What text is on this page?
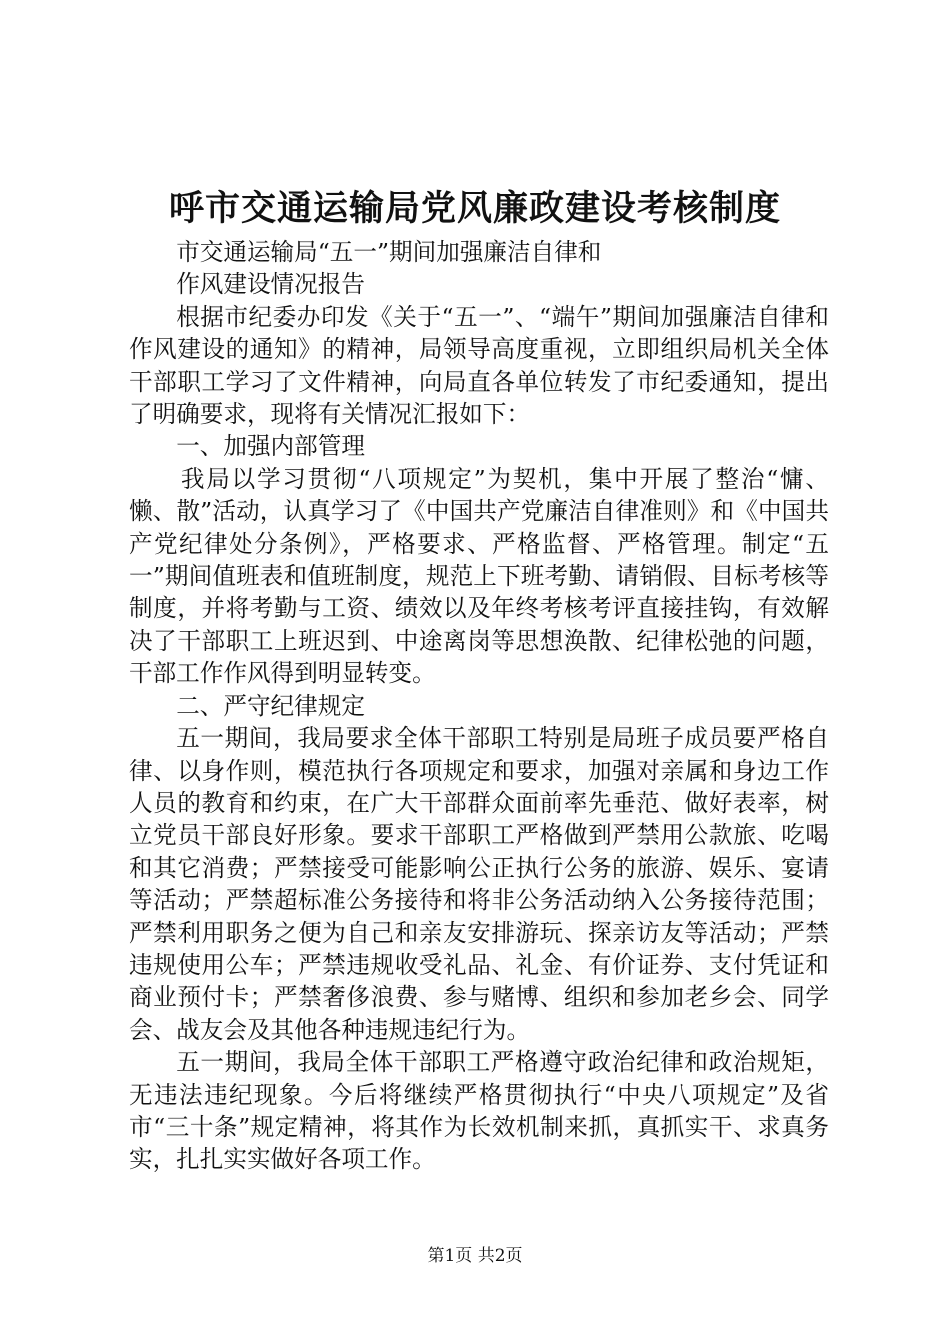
呼市交通运输局党风廉政建设考核制度

市交通运输局“五一”期间加强廉洁自律和

作风建设情况报告

根据市纪委办印发《关于“五一”、“端午”期间加强廉洁自律和作风建设的通知》的精神，局领导高度重视，立即组织局机关全体干部职工学习了文件精神，向局直各单位转发了市纪委通知，提出了明确要求，现将有关情况汇报如下：

一、加强内部管理

我局以学习贯彻“八项规定”为契机，集中开展了整治“慵、懒、散”活动，认真学习了《中国共产党廉洁自律准则》和《中国共产党纪律处分条例》，严格要求、严格监督、严格管理。制定“五一”期间值班表和值班制度，规范上下班考勤、请销假、目标考核等制度，并将考勤与工资、绩效以及年终考核考评直接挂钩，有效解决了干部职工上班迟到、中途离岗等思想涣散、纪律松弛的问题，干部工作作风得到明显转变。

二、严守纪律规定

五一期间，我局要求全体干部职工特别是局班子成员要严格自律、以身作则，模范执行各项规定和要求，加强对亲属和身边工作人员的教育和约束，在广大干部群众面前率先垂范、做好表率，树立党员干部良好形象。要求干部职工严格做到严禁用公款旅、吃喝和其它消费；严禁接受可能影响公正执行公务的旅游、娱乐、宴请等活动；严禁超标准公务接待和将非公务活动纳入公务接待范围；严禁利用职务之便为自己和亲友安排游玩、探亲访友等活动；严禁违规使用公车；严禁违规收受礼品、礼金、有价证券、支付凭证和商业预付卡；严禁奢侈浪费、参与赌博、组织和参加老乡会、同学会、战友会及其他各种违规违纪行为。

五一期间，我局全体干部职工严格遵守政治纪律和政治规矩，无违法违纪现象。今后将继续严格贯彻执行“中央八项规定”及省市“三十条”规定精神，将其作为长效机制来抓，真抓实干、求真务实，扎扎实实做好各项工作。

第1页 共2页
